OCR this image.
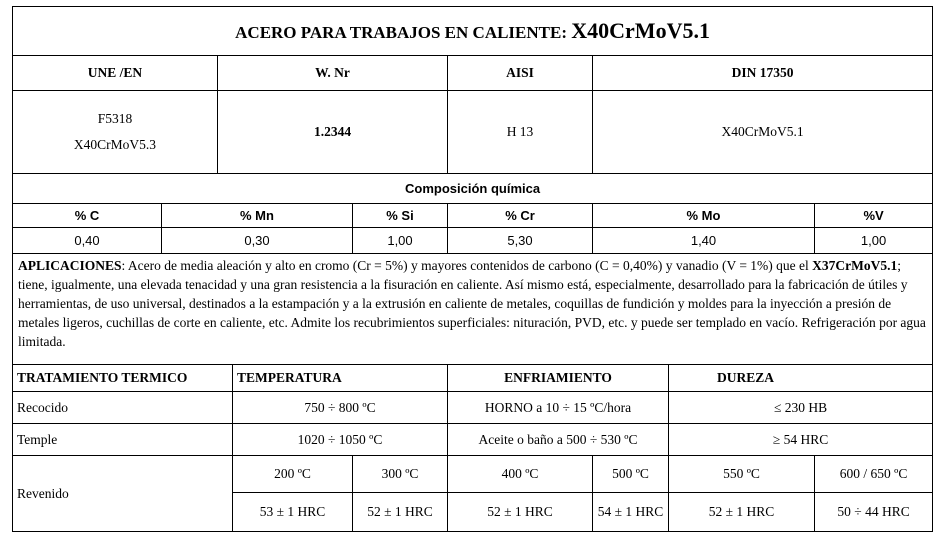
ACERO PARA TRABAJOS EN CALIENTE: X40CrMoV5.1								
UNE /EN		W. Nr			AISI	DIN 17350		

F5318
X40CrMoV5.3		1.2344			H 13	X40CrMoV5.1		
Composición química								
% C	% Mn			% Si	% Cr	% Mo		%V
0,40	0,30			1,00	5,30	1,40		1,00
APLICACIONES: Acero de media aleación y alto en cromo (Cr = 5%) y mayores contenidos de carbono (C = 0,40%) y vanadio (V = 1%) que el X37CrMoV5.1; tiene, igualmente, una elevada tenacidad y una gran resistencia a la fisuración en caliente. Así mismo está, especialmente, desarrollado para la fabricación de útiles y herramientas, de uso universal, destinados a la estampación y a la extrusión en caliente de metales, coquillas de fundición y moldes para la inyección a presión de metales ligeros, cuchillas de corte en caliente, etc. Admite los recubrimientos superficiales: nituración, PVD, etc. y puede ser templado en vacío. Refrigeración por agua limitada.								
TRATAMIENTO TERMICO			TEMPERATURA		ENFRIAMIENTO		DUREZA	
Recocido			750 ÷ 800 ºC		HORNO a 10 ÷ 15 ºC/hora		≤ 230 HB	
Temple			1020 ÷ 1050 ºC		Aceite o baño a 500 ÷ 530 ºC		≥ 54 HRC	
Revenido			200 ºC	300 ºC	400 ºC	500 ºC	550 ºC	600 / 650 ºC
			53 ± 1 HRC	52 ± 1 HRC	52 ± 1 HRC	54 ± 1 HRC	52 ± 1 HRC	50 ÷ 44 HRC
